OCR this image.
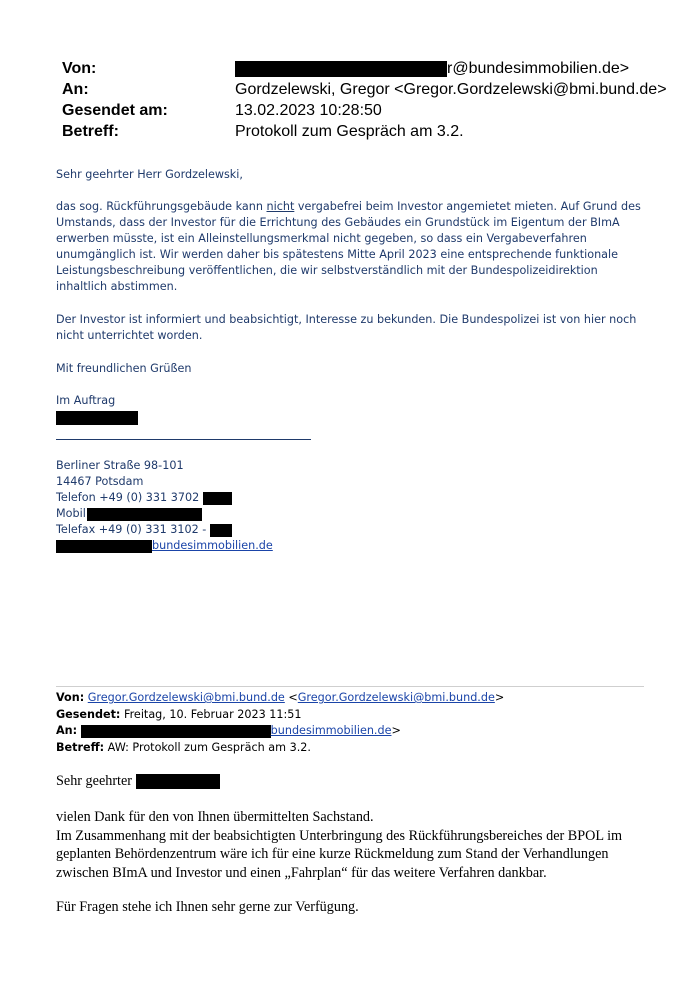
Von:	r@bundesimmobilien.de>
An:	Gordzelewski, Gregor <Gregor.Gordzelewski@bmi.bund.de>
Gesendet am:	13.02.2023 10:28:50
Betreff:	Protokoll zum Gespräch am 3.2.
Sehr geehrter Herr Gordzelewski,
das sog. Rückführungsgebäude kann nicht vergabefrei beim Investor angemietet mieten. Auf Grund des Umstands, dass der Investor für die Errichtung des Gebäudes ein Grundstück im Eigentum der BImA erwerben müsste, ist ein Alleinstellungsmerkmal nicht gegeben, so dass ein Vergabeverfahren unumgänglich ist. Wir werden daher bis spätestens Mitte April 2023 eine entsprechende funktionale Leistungsbeschreibung veröffentlichen, die wir selbstverständlich mit der Bundespolizeidirektion inhaltlich abstimmen.
Der Investor ist informiert und beabsichtigt, Interesse zu bekunden. Die Bundespolizei ist von hier noch nicht unterrichtet worden.
Mit freundlichen Grüßen
Im Auftrag
Berliner Straße 98-101
14467 Potsdam
Telefon +49 (0) 331 3702
Mobil
Telefax +49 (0) 331 3102 -
bundesimmobilien.de
Von: Gregor.Gordzelewski@bmi.bund.de <Gregor.Gordzelewski@bmi.bund.de>
Gesendet: Freitag, 10. Februar 2023 11:51
An:	bundesimmobilien.de>
Betreff: AW: Protokoll zum Gespräch am 3.2.
Sehr geehrter
vielen Dank für den von Ihnen übermittelten Sachstand.
Im Zusammenhang mit der beabsichtigten Unterbringung des Rückführungsbereiches der BPOL im geplanten Behördenzentrum wäre ich für eine kurze Rückmeldung zum Stand der Verhandlungen zwischen BImA und Investor und einen „Fahrplan“ für das weitere Verfahren dankbar.
Für Fragen stehe ich Ihnen sehr gerne zur Verfügung.
